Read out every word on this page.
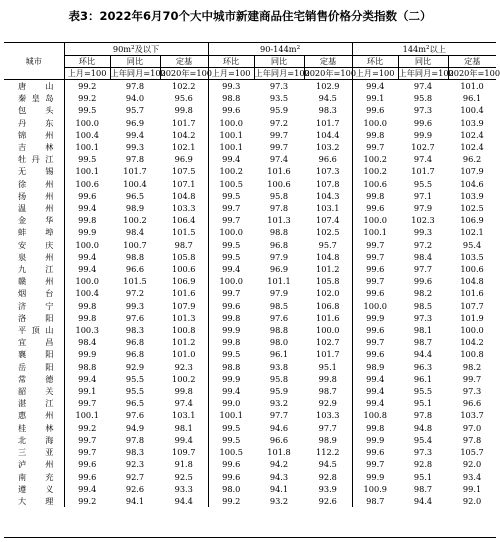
表3：2022年6月70个大中城市新建商品住宅销售价格分类指数（二）
城市	$90m^2$及以下			$90-144m^2$			$144m^2$以上		
	环比	同比	定基	环比	同比	定基	环比	同比	定基
	上月=100	上年同月=100	2020年=100	上月=100	上年同月=100	2020年=100	上月=100	上年同月=100	2020年=100
唐山	99.2	97.8	102.2	99.3	97.3	102.9	99.4	97.4	101.0
秦皇岛	99.2	94.0	95.6	98.8	93.5	94.5	99.1	95.8	96.1
包头	99.5	95.7	99.8	99.6	95.9	98.3	99.6	97.3	100.4
丹东	100.0	96.9	101.7	100.0	97.2	101.7	100.0	99.6	103.9
锦州	100.4	99.4	104.2	100.1	99.7	104.4	99.8	99.9	102.4
吉林	100.1	99.3	102.1	100.1	99.7	103.2	99.7	102.7	102.4
牡丹江	99.5	97.8	96.9	99.4	97.4	96.6	100.2	97.4	96.2
无锡	100.1	101.7	107.5	100.2	101.6	107.3	100.2	101.7	107.9
徐州	100.6	100.4	107.1	100.5	100.6	107.8	100.6	95.5	104.6
扬州	99.6	96.5	104.8	99.5	95.8	104.3	99.8	97.1	103.9
温州	99.4	98.9	103.3	99.7	97.8	103.1	99.6	97.9	102.5
金华	99.8	100.2	106.4	99.7	101.3	107.4	100.0	102.3	106.9
蚌埠	99.9	98.4	101.5	100.0	98.8	102.5	100.1	99.3	102.1
安庆	100.0	100.7	98.7	99.5	96.8	95.7	99.7	97.2	95.4
泉州	99.4	98.8	105.8	99.5	97.9	104.8	99.7	98.4	103.5
九江	99.4	96.6	100.6	99.4	96.9	101.2	99.6	97.7	100.6
赣州	100.0	101.5	106.9	100.0	101.1	105.8	99.7	99.6	104.8
烟台	100.4	97.2	101.6	99.7	97.9	102.0	99.6	98.2	101.6
济宁	99.8	99.3	107.9	99.6	98.5	106.8	100.0	98.5	107.7
洛阳	99.8	97.6	101.3	99.8	97.6	101.6	99.9	97.3	101.9
平顶山	100.3	98.3	100.8	99.9	98.8	100.0	99.6	98.1	100.0
宜昌	98.4	96.8	101.2	99.8	98.0	102.7	99.7	98.7	104.2
襄阳	99.9	96.8	101.0	99.5	96.1	101.7	99.6	94.4	100.8
岳阳	98.8	92.9	92.3	98.8	93.8	95.1	98.9	96.3	98.2
常德	99.4	95.5	100.2	99.9	95.8	99.8	99.4	96.1	99.7
韶关	99.1	95.5	99.8	99.4	95.9	98.7	99.4	95.5	97.3
湛江	99.7	96.5	97.4	99.0	93.2	92.9	99.4	95.1	96.6
惠州	100.1	97.6	103.1	100.1	97.7	103.3	100.8	97.8	103.7
桂林	99.2	94.9	98.1	99.5	94.6	97.7	99.8	94.8	97.0
北海	99.7	97.8	99.4	99.5	96.6	98.9	99.9	95.4	97.8
三亚	99.7	98.3	109.7	100.5	101.8	112.2	99.6	97.3	105.7
泸州	99.6	92.3	91.8	99.6	94.2	94.5	99.7	92.8	92.0
南充	99.6	92.7	92.5	99.6	94.3	92.8	99.9	95.1	93.4
遵义	99.4	92.6	93.3	98.0	94.1	93.9	100.9	98.7	99.1
大理	99.2	94.1	94.4	99.2	93.2	92.6	98.7	94.4	92.0
